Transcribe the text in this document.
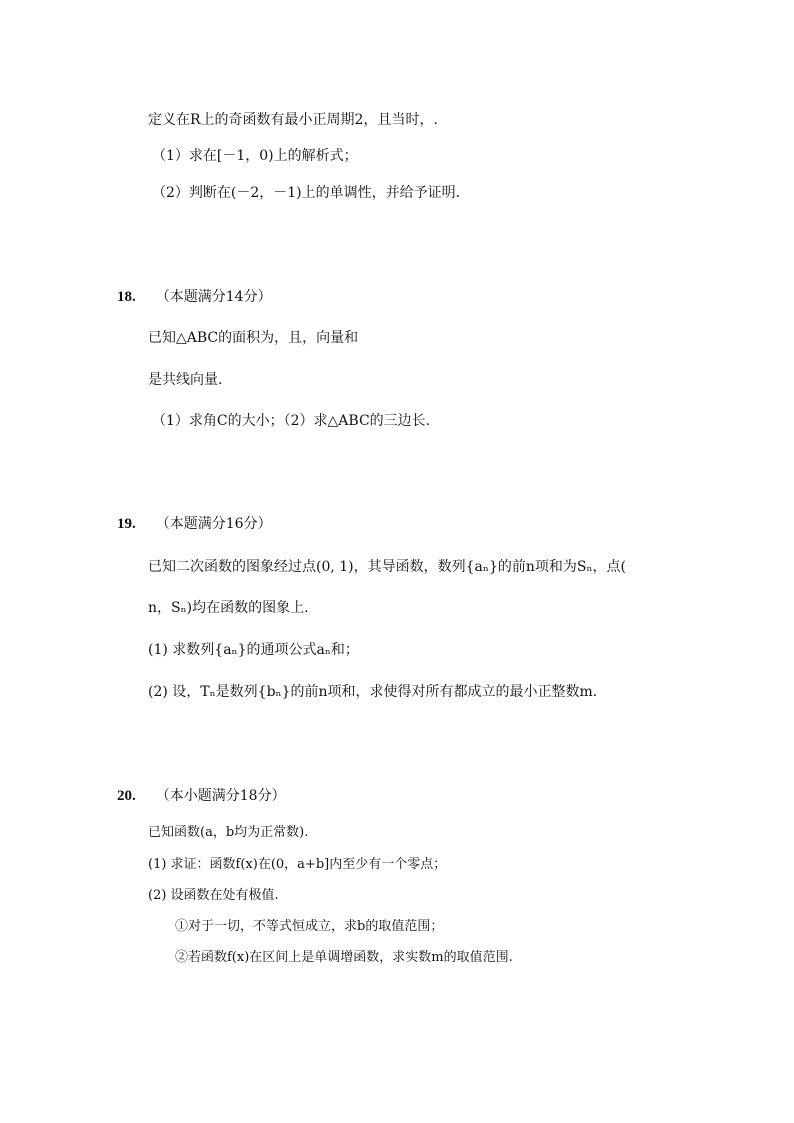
定义在R上的奇函数有最小正周期2，且当时，.
（1）求在[－1，0)上的解析式；
（2）判断在(－2，－1)上的单调性，并给予证明.
18. （本题满分14分）
已知△ABC的面积为，且，向量和
是共线向量.
（1）求角C的大小；（2）求△ABC的三边长.
19. （本题满分16分）
已知二次函数的图象经过点(0, 1)，其导函数，数列{aₙ}的前n项和为Sₙ，点(
n，Sₙ)均在函数的图象上.
(1) 求数列{aₙ}的通项公式aₙ和；
(2) 设，Tₙ是数列{bₙ}的前n项和，求使得对所有都成立的最小正整数m.
20. （本小题满分18分）
已知函数(a，b均为正常数).
(1) 求证：函数f(x)在(0，a+b]内至少有一个零点；
(2) 设函数在处有极值.
①对于一切，不等式恒成立，求b的取值范围；
②若函数f(x)在区间上是单调增函数，求实数m的取值范围.
